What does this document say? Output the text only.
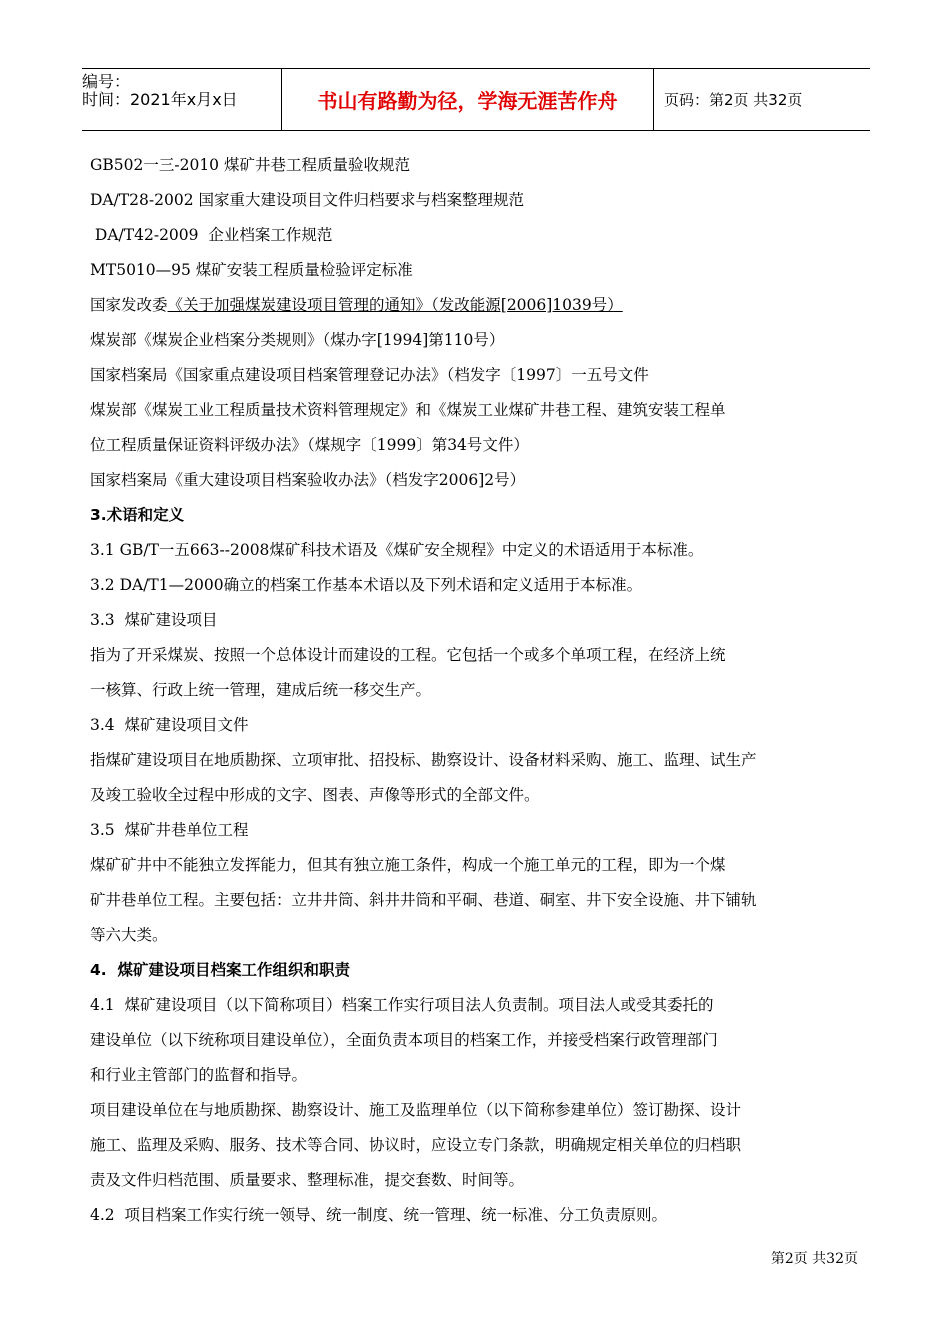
编号：
时间：2021年x月x日	书山有路勤为径，学海无涯苦作舟	页码：第2页 共32页

GB502一三-2010 煤矿井巷工程质量验收规范

DA/T28-2002 国家重大建设项目文件归档要求与档案整理规范

DA/T42-2009  企业档案工作规范

MT5010—95 煤矿安装工程质量检验评定标准

国家发改委《关于加强煤炭建设项目管理的通知》（发改能源[2006]1039号）

煤炭部《煤炭企业档案分类规则》（煤办字[1994]第110号）

国家档案局《国家重点建设项目档案管理登记办法》（档发字〔1997〕一五号文件

煤炭部《煤炭工业工程质量技术资料管理规定》和《煤炭工业煤矿井巷工程、建筑安装工程单

位工程质量保证资料评级办法》（煤规字〔1999〕第34号文件）

国家档案局《重大建设项目档案验收办法》（档发字2006]2号）

3.术语和定义

3.1 GB/T一五663--2008煤矿科技术语及《煤矿安全规程》中定义的术语适用于本标准。

3.2 DA/T1—2000确立的档案工作基本术语以及下列术语和定义适用于本标准。

3.3  煤矿建设项目

指为了开采煤炭、按照一个总体设计而建设的工程。它包括一个或多个单项工程，在经济上统

一核算、行政上统一管理，建成后统一移交生产。

3.4  煤矿建设项目文件

指煤矿建设项目在地质勘探、立项审批、招投标、勘察设计、设备材料采购、施工、监理、试生产

及竣工验收全过程中形成的文字、图表、声像等形式的全部文件。

3.5  煤矿井巷单位工程

煤矿矿井中不能独立发挥能力，但其有独立施工条件，构成一个施工单元的工程，即为一个煤

矿井巷单位工程。主要包括：立井井筒、斜井井筒和平硐、巷道、硐室、井下安全设施、井下铺轨

等六大类。

4.  煤矿建设项目档案工作组织和职责

4.1  煤矿建设项目（以下简称项目）档案工作实行项目法人负责制。项目法人或受其委托的

建设单位（以下统称项目建设单位），全面负责本项目的档案工作，并接受档案行政管理部门

和行业主管部门的监督和指导。

项目建设单位在与地质勘探、勘察设计、施工及监理单位（以下简称参建单位）签订勘探、设计

施工、监理及采购、服务、技术等合同、协议时，应设立专门条款，明确规定相关单位的归档职

责及文件归档范围、质量要求、整理标准，提交套数、时间等。

4.2  项目档案工作实行统一领导、统一制度、统一管理、统一标准、分工负责原则。

第2页 共32页
